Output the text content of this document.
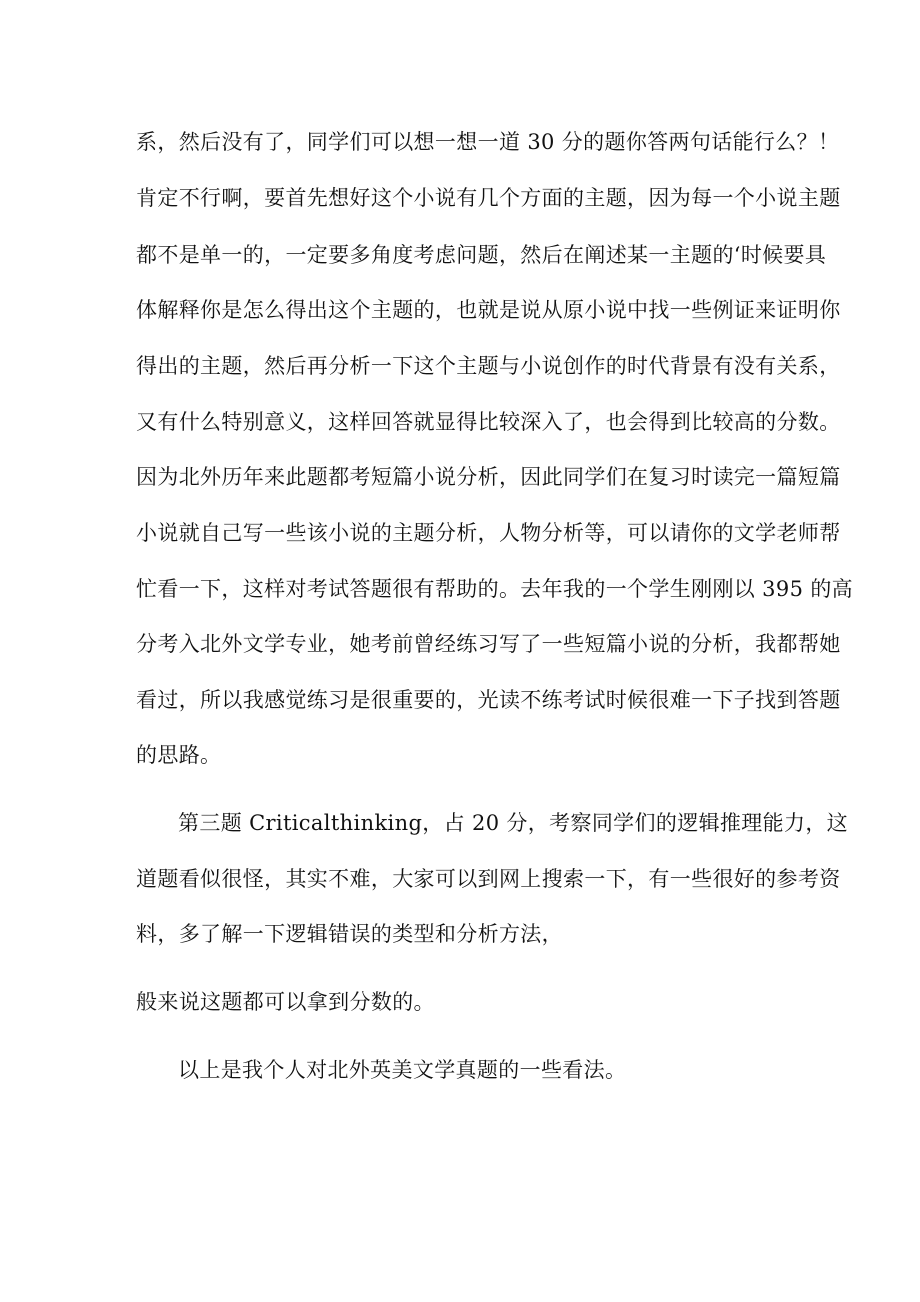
系，然后没有了，同学们可以想一想一道 30 分的题你答两句话能行么？！
肯定不行啊，要首先想好这个小说有几个方面的主题，因为每一个小说主题
都不是单一的，一定要多角度考虑问题，然后在阐述某一主题的‘时候要具
体解释你是怎么得出这个主题的，也就是说从原小说中找一些例证来证明你
得出的主题，然后再分析一下这个主题与小说创作的时代背景有没有关系，
又有什么特别意义，这样回答就显得比较深入了，也会得到比较高的分数。
因为北外历年来此题都考短篇小说分析，因此同学们在复习时读完一篇短篇
小说就自己写一些该小说的主题分析，人物分析等，可以请你的文学老师帮
忙看一下，这样对考试答题很有帮助的。去年我的一个学生刚刚以 395 的高
分考入北外文学专业，她考前曾经练习写了一些短篇小说的分析，我都帮她
看过，所以我感觉练习是很重要的，光读不练考试时候很难一下子找到答题
的思路。
第三题 Criticalthinking，占 20 分，考察同学们的逻辑推理能力，这
道题看似很怪，其实不难，大家可以到网上搜索一下，有一些很好的参考资
料，多了解一下逻辑错误的类型和分析方法，
般来说这题都可以拿到分数的。
以上是我个人对北外英美文学真题的一些看法。
